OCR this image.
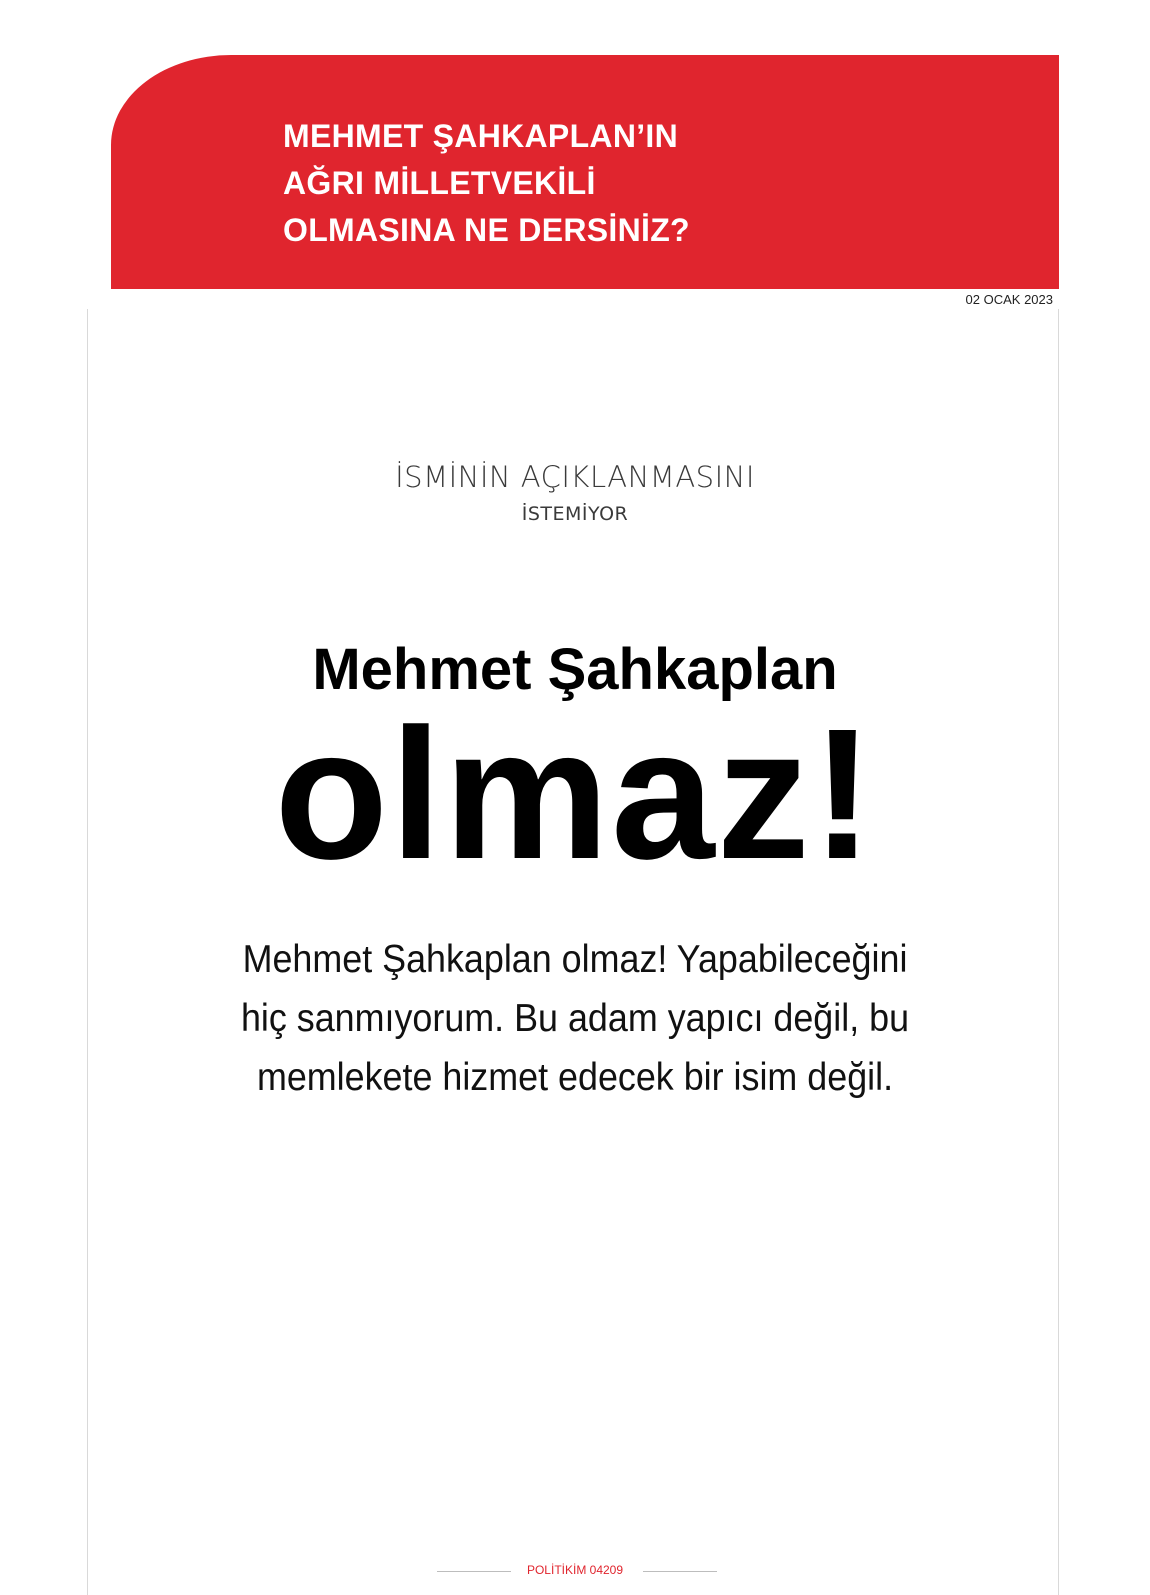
MEHMET ŞAHKAPLAN’IN
AĞRI MİLLETVEKİLİ
OLMASINA NE DERSİNİZ?
02 OCAK 2023
İSMİNİN AÇIKLANMASINI
İSTEMİYOR
Mehmet Şahkaplan
olmaz!
Mehmet Şahkaplan olmaz! Yapabileceğini
hiç sanmıyorum. Bu adam yapıcı değil, bu
memlekete hizmet edecek bir isim değil.
POLİTİKİM 04209
